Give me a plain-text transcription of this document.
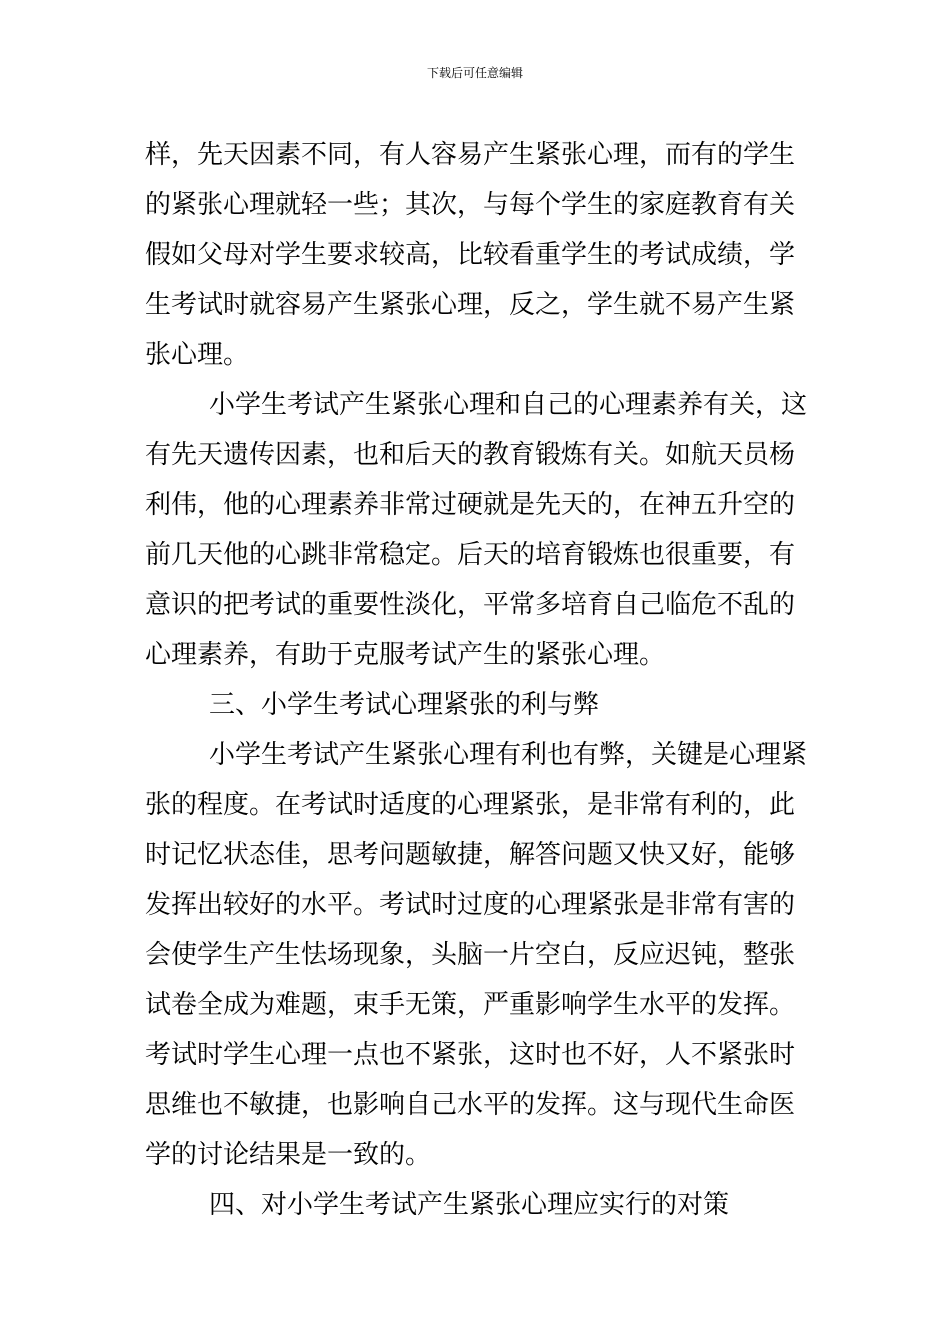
下载后可任意编辑
样，先天因素不同，有人容易产生紧张心理，而有的学生
的紧张心理就轻一些；其次，与每个学生的家庭教育有关
假如父母对学生要求较高，比较看重学生的考试成绩，学
生考试时就容易产生紧张心理，反之，学生就不易产生紧
张心理。
小学生考试产生紧张心理和自己的心理素养有关，这
有先天遗传因素，也和后天的教育锻炼有关。如航天员杨
利伟，他的心理素养非常过硬就是先天的，在神五升空的
前几天他的心跳非常稳定。后天的培育锻炼也很重要，有
意识的把考试的重要性淡化，平常多培育自己临危不乱的
心理素养，有助于克服考试产生的紧张心理。
三、小学生考试心理紧张的利与弊
小学生考试产生紧张心理有利也有弊，关键是心理紧
张的程度。在考试时适度的心理紧张，是非常有利的，此
时记忆状态佳，思考问题敏捷，解答问题又快又好，能够
发挥出较好的水平。考试时过度的心理紧张是非常有害的
会使学生产生怯场现象，头脑一片空白，反应迟钝，整张
试卷全成为难题，束手无策，严重影响学生水平的发挥。
考试时学生心理一点也不紧张，这时也不好，人不紧张时
思维也不敏捷，也影响自己水平的发挥。这与现代生命医
学的讨论结果是一致的。
四、对小学生考试产生紧张心理应实行的对策
